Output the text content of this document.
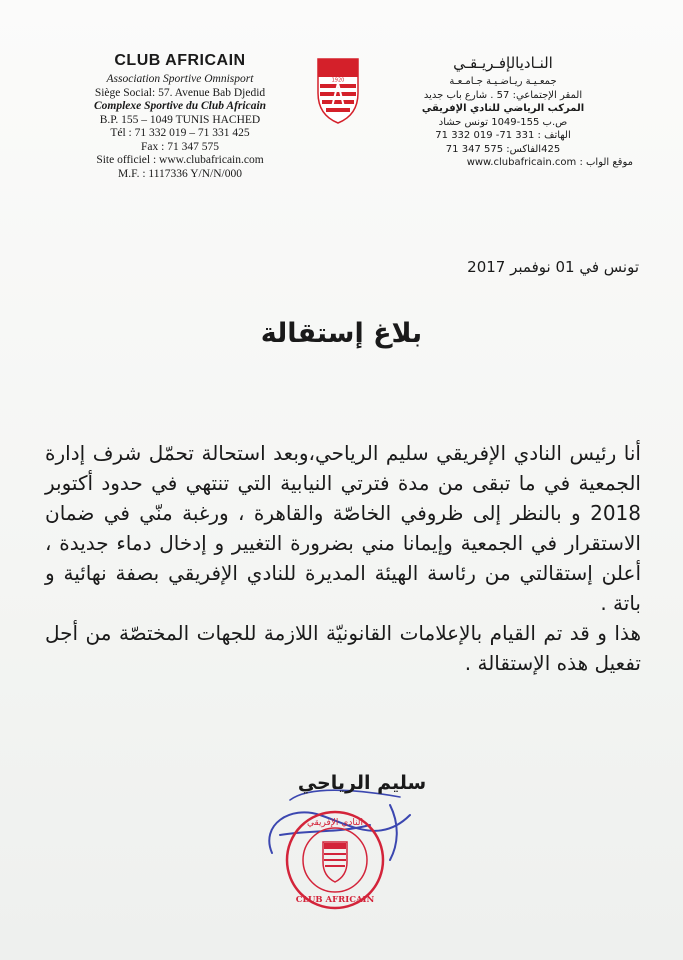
CLUB AFRICAIN
Association Sportive Omnisport
Siège Social: 57. Avenue Bab Djedid
Complexe Sportive du Club Africain
B.P. 155 – 1049 TUNIS HACHED
Tél : 71 332 019 – 71 331 425
Fax : 71 347 575
Site officiel : www.clubafricain.com
M.F. : 1117336 Y/N/N/000
1920
النـاديالإفـريـقـي
جمعـيـة ريـاضـيـة جـامـعـة
المقر الإجتماعي: 57 . شارع باب جديد
المركب الرياضي للنادي الإفريقي
ص.ب 155-1049 تونس حشاد
الهاتف : 331 71- 019 332 71
425الفاكس: 575 347 71
موقع الواب : www.clubafricain.com
تونس في 01 نوفمبر 2017
بلاغ إستقالة

أنا رئيس النادي الإفريقي سليم الرياحي،وبعد استحالة تحمّل شرف إدارة الجمعية في ما تبقى من مدة فترتي النيابية التي تنتهي في حدود أكتوبر 2018 و بالنظر إلى ظروفي الخاصّة والقاهرة ، ورغبة منّي في ضمان الاستقرار في الجمعية وإيمانا مني بضرورة التغيير و إدخال دماء جديدة ، أعلن إستقالتي من رئاسة الهيئة المديرة للنادي الإفريقي بصفة نهائية و باتة .

هذا و قد تم القيام بالإعلامات القانونيّة اللازمة للجهات المختصّة من أجل تفعيل هذه الإستقالة .

سليم الرياحي
النادي الإفريقي
CLUB AFRICAIN
